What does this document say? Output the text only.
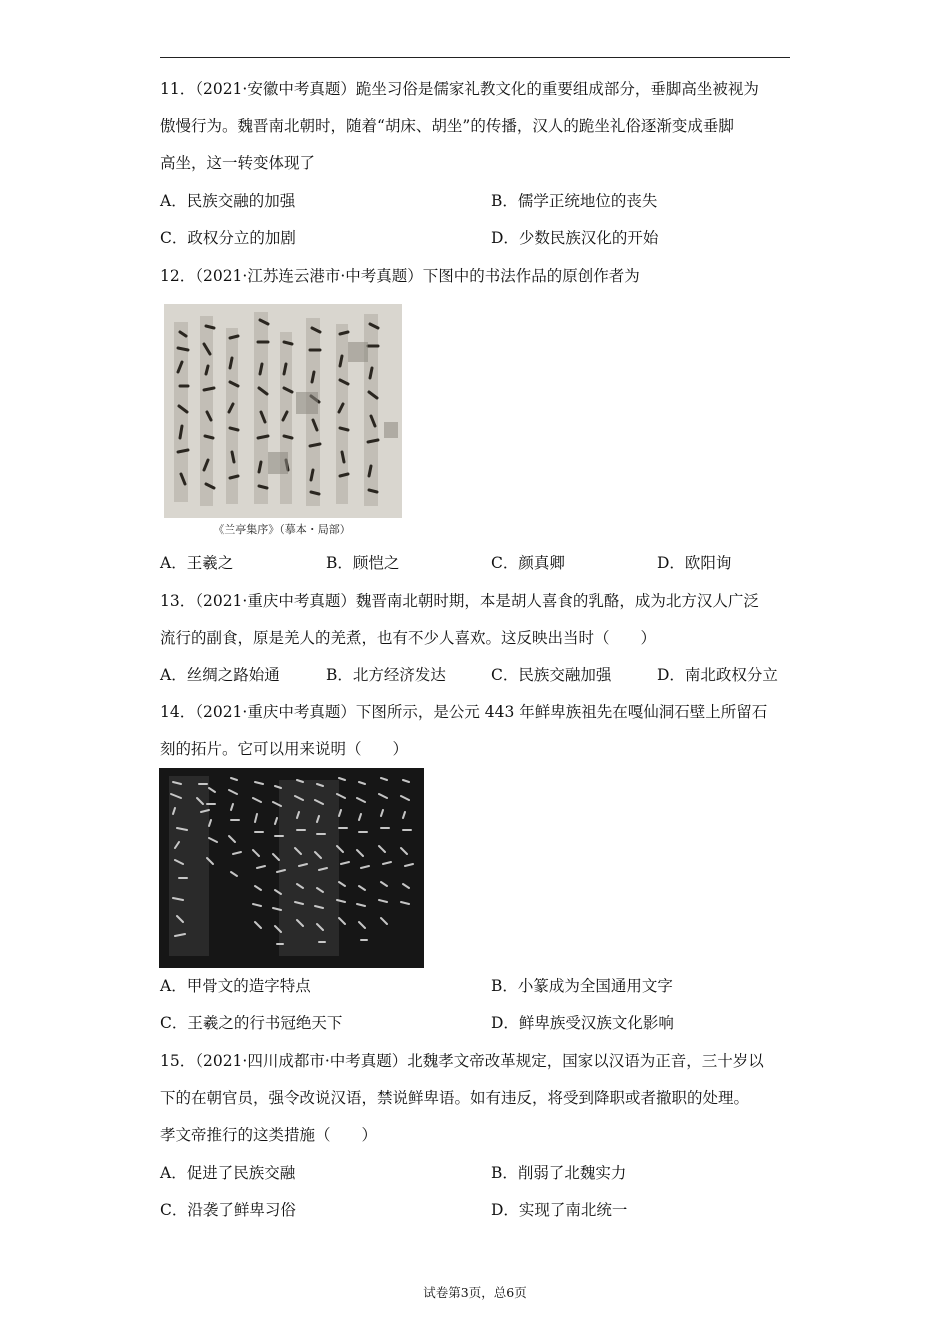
11．（2021·安徽中考真题）跪坐习俗是儒家礼教文化的重要组成部分，垂脚高坐被视为
傲慢行为。魏晋南北朝时，随着“胡床、胡坐”的传播，汉人的跪坐礼俗逐渐变成垂脚
高坐，这一转变体现了
A．民族交融的加强	B．儒学正统地位的丧失
C．政权分立的加剧	D．少数民族汉化的开始
12．（2021·江苏连云港市·中考真题）下图中的书法作品的原创作者为
《兰亭集序》（摹本・局部）
A．王羲之	B．顾恺之	C．颜真卿	D．欧阳询
13．（2021·重庆中考真题）魏晋南北朝时期，本是胡人喜食的乳酪，成为北方汉人广泛
流行的副食，原是羌人的羌煮，也有不少人喜欢。这反映出当时（　　）
A．丝绸之路始通	B．北方经济发达	C．民族交融加强	D．南北政权分立
14．（2021·重庆中考真题）下图所示，是公元 443 年鲜卑族祖先在嘎仙洞石壁上所留石
刻的拓片。它可以用来说明（　　）
A．甲骨文的造字特点	B．小篆成为全国通用文字
C．王羲之的行书冠绝天下	D．鲜卑族受汉族文化影响
15．（2021·四川成都市·中考真题）北魏孝文帝改革规定，国家以汉语为正音，三十岁以
下的在朝官员，强令改说汉语，禁说鲜卑语。如有违反，将受到降职或者撤职的处理。
孝文帝推行的这类措施（　　）
A．促进了民族交融	B．削弱了北魏实力
C．沿袭了鲜卑习俗	D．实现了南北统一
试卷第3页，总6页
